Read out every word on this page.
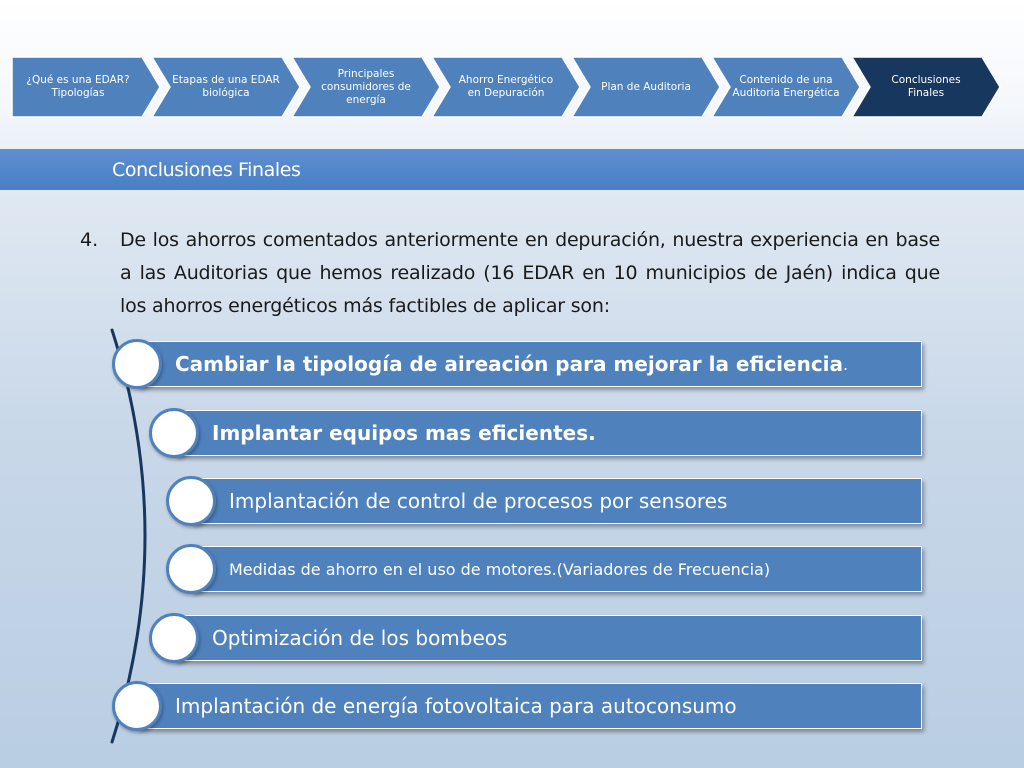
¿Qué es una EDAR? Tipologías
Etapas de una EDAR biológica
Principales consumidores de energía
Ahorro Energético en Depuración
Plan de Auditoria
Contenido de una Auditoria Energética
Conclusiones Finales
Conclusiones Finales
4. De los ahorros comentados anteriormente en depuración, nuestra experiencia en base a las Auditorias que hemos realizado (16 EDAR en 10 municipios de Jaén) indica que los ahorros energéticos más factibles de aplicar son:
Cambiar la tipología de aireación para mejorar la eficiencia .
Implantar equipos mas eficientes.
Implantación de control de procesos por sensores
Medidas de ahorro en el uso de motores.(Variadores de Frecuencia)
Optimización de los bombeos
Implantación de energía fotovoltaica para autoconsumo
